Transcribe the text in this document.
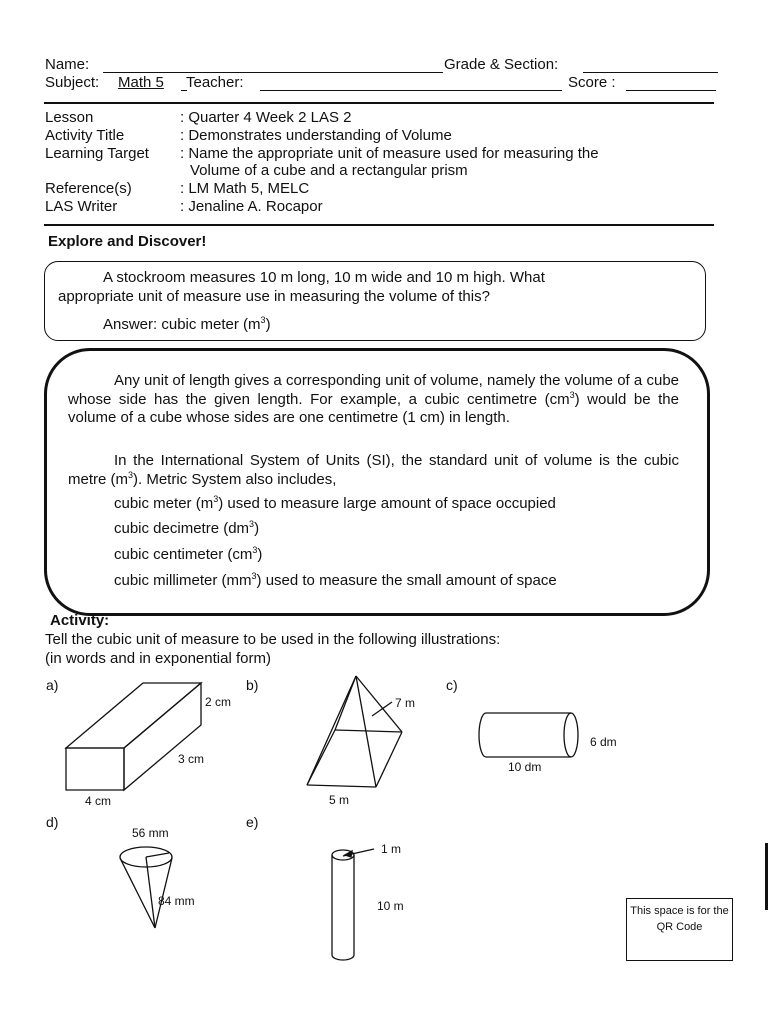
Name:	Grade & Section:
Subject: Math 5 Teacher:	Score :
Lesson	: Quarter 4 Week 2 LAS 2
Activity Title	: Demonstrates understanding of Volume
Learning Target : Name the appropriate unit of measure used for measuring the
Volume of a cube and a rectangular prism
Reference(s)	: LM Math 5, MELC
LAS Writer	: Jenaline A. Rocapor
Explore and Discover!
A stockroom measures 10 m long, 10 m wide and 10 m high. What
appropriate unit of measure use in measuring the volume of this?
Answer: cubic meter $(m^3)$
Any unit of length gives a corresponding unit of volume, namely the volume of a cube whose side has the given length. For example, a cubic centimetre $(cm^3)$ would be the volume of a cube whose sides are one centimetre (1 cm) in length.
In the International System of Units (SI), the standard unit of volume is the cubic metre $(m^3)$. Metric System also includes,
cubic meter $(m^3)$ used to measure large amount of space occupied
cubic decimetre $(dm^3)$
cubic centimeter $(cm^3)$
cubic millimeter $(mm^3)$ used to measure the small amount of space
Activity:
Tell the cubic unit of measure to be used in the following illustrations:
(in words and in exponential form)
a)
2 cm
3 cm
4 cm
b)
7 m
5 m
c)
6 dm
10 dm
d)
56 mm
84 mm
e)
1 m
10 m	This space is for the QR Code
